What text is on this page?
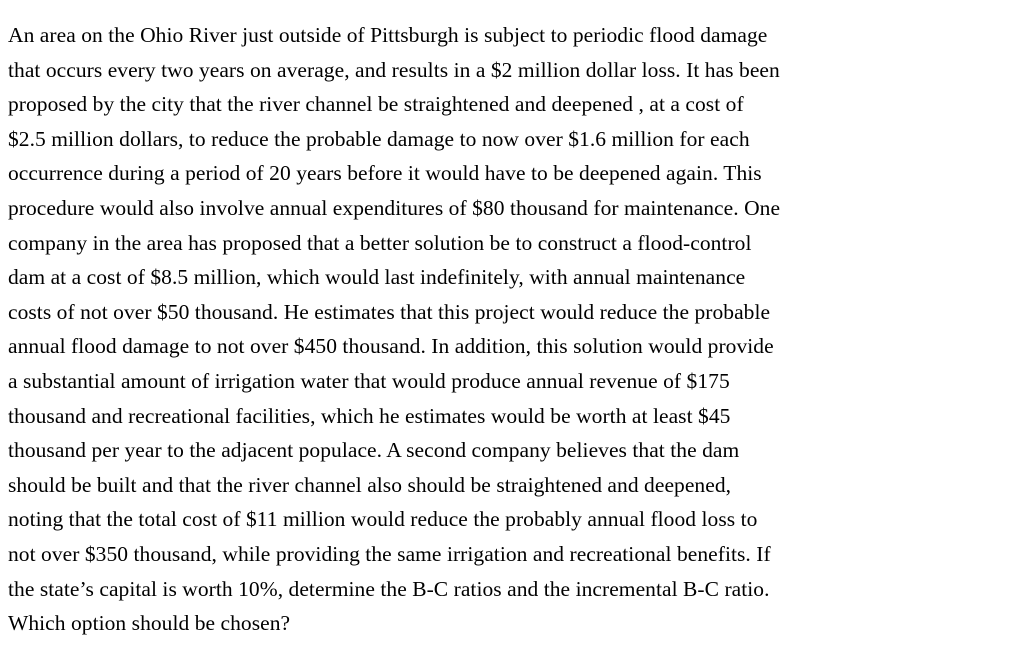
An area on the Ohio River just outside of Pittsburgh is subject to periodic flood damage
that occurs every two years on average, and results in a $2 million dollar loss. It has been
proposed by the city that the river channel be straightened and deepened , at a cost of
$2.5 million dollars, to reduce the probable damage to now over $1.6 million for each
occurrence during a period of 20 years before it would have to be deepened again. This
procedure would also involve annual expenditures of $80 thousand for maintenance. One
company in the area has proposed that a better solution be to construct a flood-control
dam at a cost of $8.5 million, which would last indefinitely, with annual maintenance
costs of not over $50 thousand. He estimates that this project would reduce the probable
annual flood damage to not over $450 thousand. In addition, this solution would provide
a substantial amount of irrigation water that would produce annual revenue of $175
thousand and recreational facilities, which he estimates would be worth at least $45
thousand per year to the adjacent populace. A second company believes that the dam
should be built and that the river channel also should be straightened and deepened,
noting that the total cost of $11 million would reduce the probably annual flood loss to
not over $350 thousand, while providing the same irrigation and recreational benefits. If
the state’s capital is worth 10%, determine the B-C ratios and the incremental B-C ratio.
Which option should be chosen?
